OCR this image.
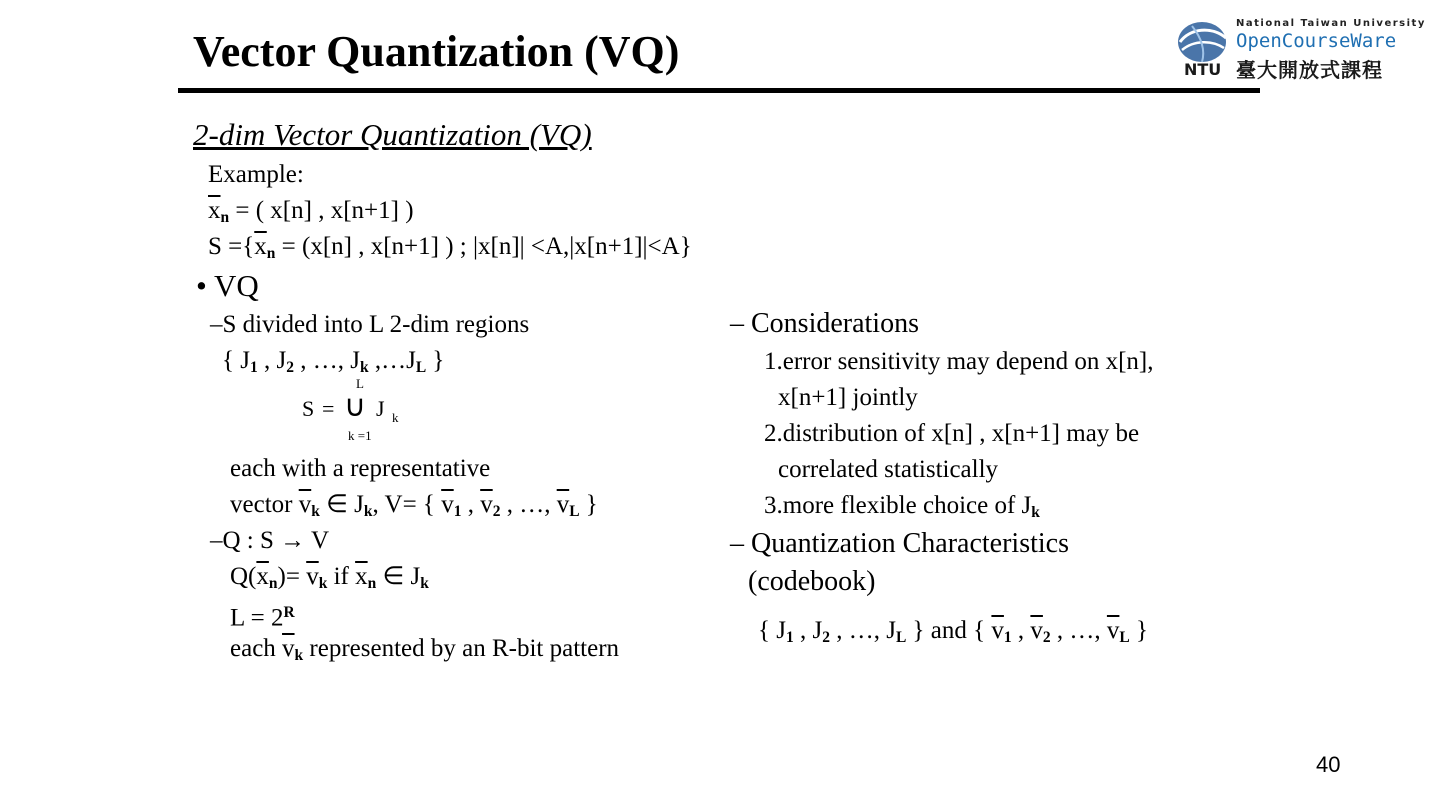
Vector Quantization (VQ)	NTU
National Taiwan University
OpenCourseWare
臺大開放式課程
2-dim Vector Quantization (VQ)
Example:
$\overline{x}_n$ = ( x[n] , x[n+1] )
$S =\{\overline{x}_n = (x[n]$ , x[n+1] ) ; |x[n]| <A,|x[n+1]|<A}
• VQ
–S divided into L 2-dim regions
{ $J_1$ , $J_2$ , …, $J_k$ $,\dots J_L$ }
L
S = ∪ J k
k =1
each with a representative
vector $\overline{v}_k$ ∈ $J_k$, V= { $\overline{v}_1$ , $\overline{v}_2$ , …, $\overline{v}_L$ }
–Q : S → V
$Q(\overline{x}_n)= \overline{v}_k$ if $\overline{x}_n$ ∈ $J_k$
$L = 2^R$
each $\overline{v}_k$ represented by an R-bit pattern
– Considerations
1.error sensitivity may depend on x[n],
x[n+1] jointly
2.distribution of x[n] , x[n+1] may be
correlated statistically
3.more flexible choice of $J_k$
– Quantization Characteristics
(codebook)
{ $J_1$ , $J_2$ , …, $J_L$ } and { $\overline{v}_1$ , $\overline{v}_2$ , …, $\overline{v}_L$ }
40
